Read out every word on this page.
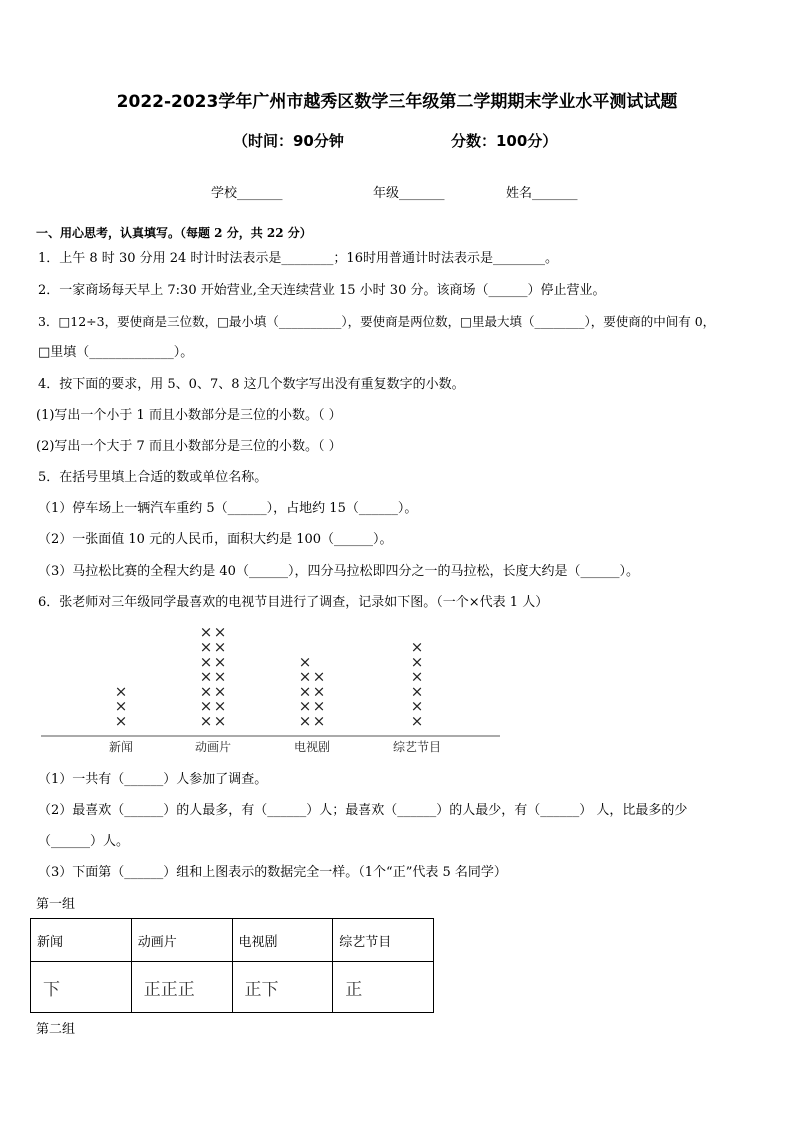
2022-2023学年广州市越秀区数学三年级第二学期期末学业水平测试试题
（时间：90分钟	分数：100分）
学校_______	年级_______	姓名_______
一、用心思考，认真填写。（每题 2 分，共 22 分）
1．上午 8 时 30 分用 24 时计时法表示是________；16时用普通计时法表示是________。
2．一家商场每天早上 7:30 开始营业,全天连续营业 15 小时 30 分。该商场（______）停止营业。
3．□12÷3，要使商是三位数，□最小填（__________），要使商是两位数，□里最大填（________），要使商的中间有 0，
□里填（_____________）。
4．按下面的要求，用 5、0、7、8 这几个数字写出没有重复数字的小数。
(1)写出一个小于 1 而且小数部分是三位的小数。（ ）
(2)写出一个大于 7 而且小数部分是三位的小数。（ ）
5．在括号里填上合适的数或单位名称。
（1）停车场上一辆汽车重约 5（______），占地约 15（______）。
（2）一张面值 10 元的人民币，面积大约是 100（______）。
（3）马拉松比赛的全程大约是 40（______），四分马拉松即四分之一的马拉松，长度大约是（______）。
6．张老师对三年级同学最喜欢的电视节目进行了调查，记录如下图。（一个×代表 1 人）
×
×
×
新闻
× ×
× ×
× ×
× ×
× ×
× ×
× ×
动画片
× ×
× ×
× ×
× ×
×
电视剧
×
×
×
×
×
×
综艺节目
（1）一共有（______）人参加了调查。
（2）最喜欢（______）的人最多，有（______）人；最喜欢（______）的人最少，有（______） 人，比最多的少
（______）人。
（3）下面第（______）组和上图表示的数据完全一样。（1个“正”代表 5 名同学）
第一组
新闻	动画片	电视剧	综艺节目
下	正正正	正下	正
第二组
